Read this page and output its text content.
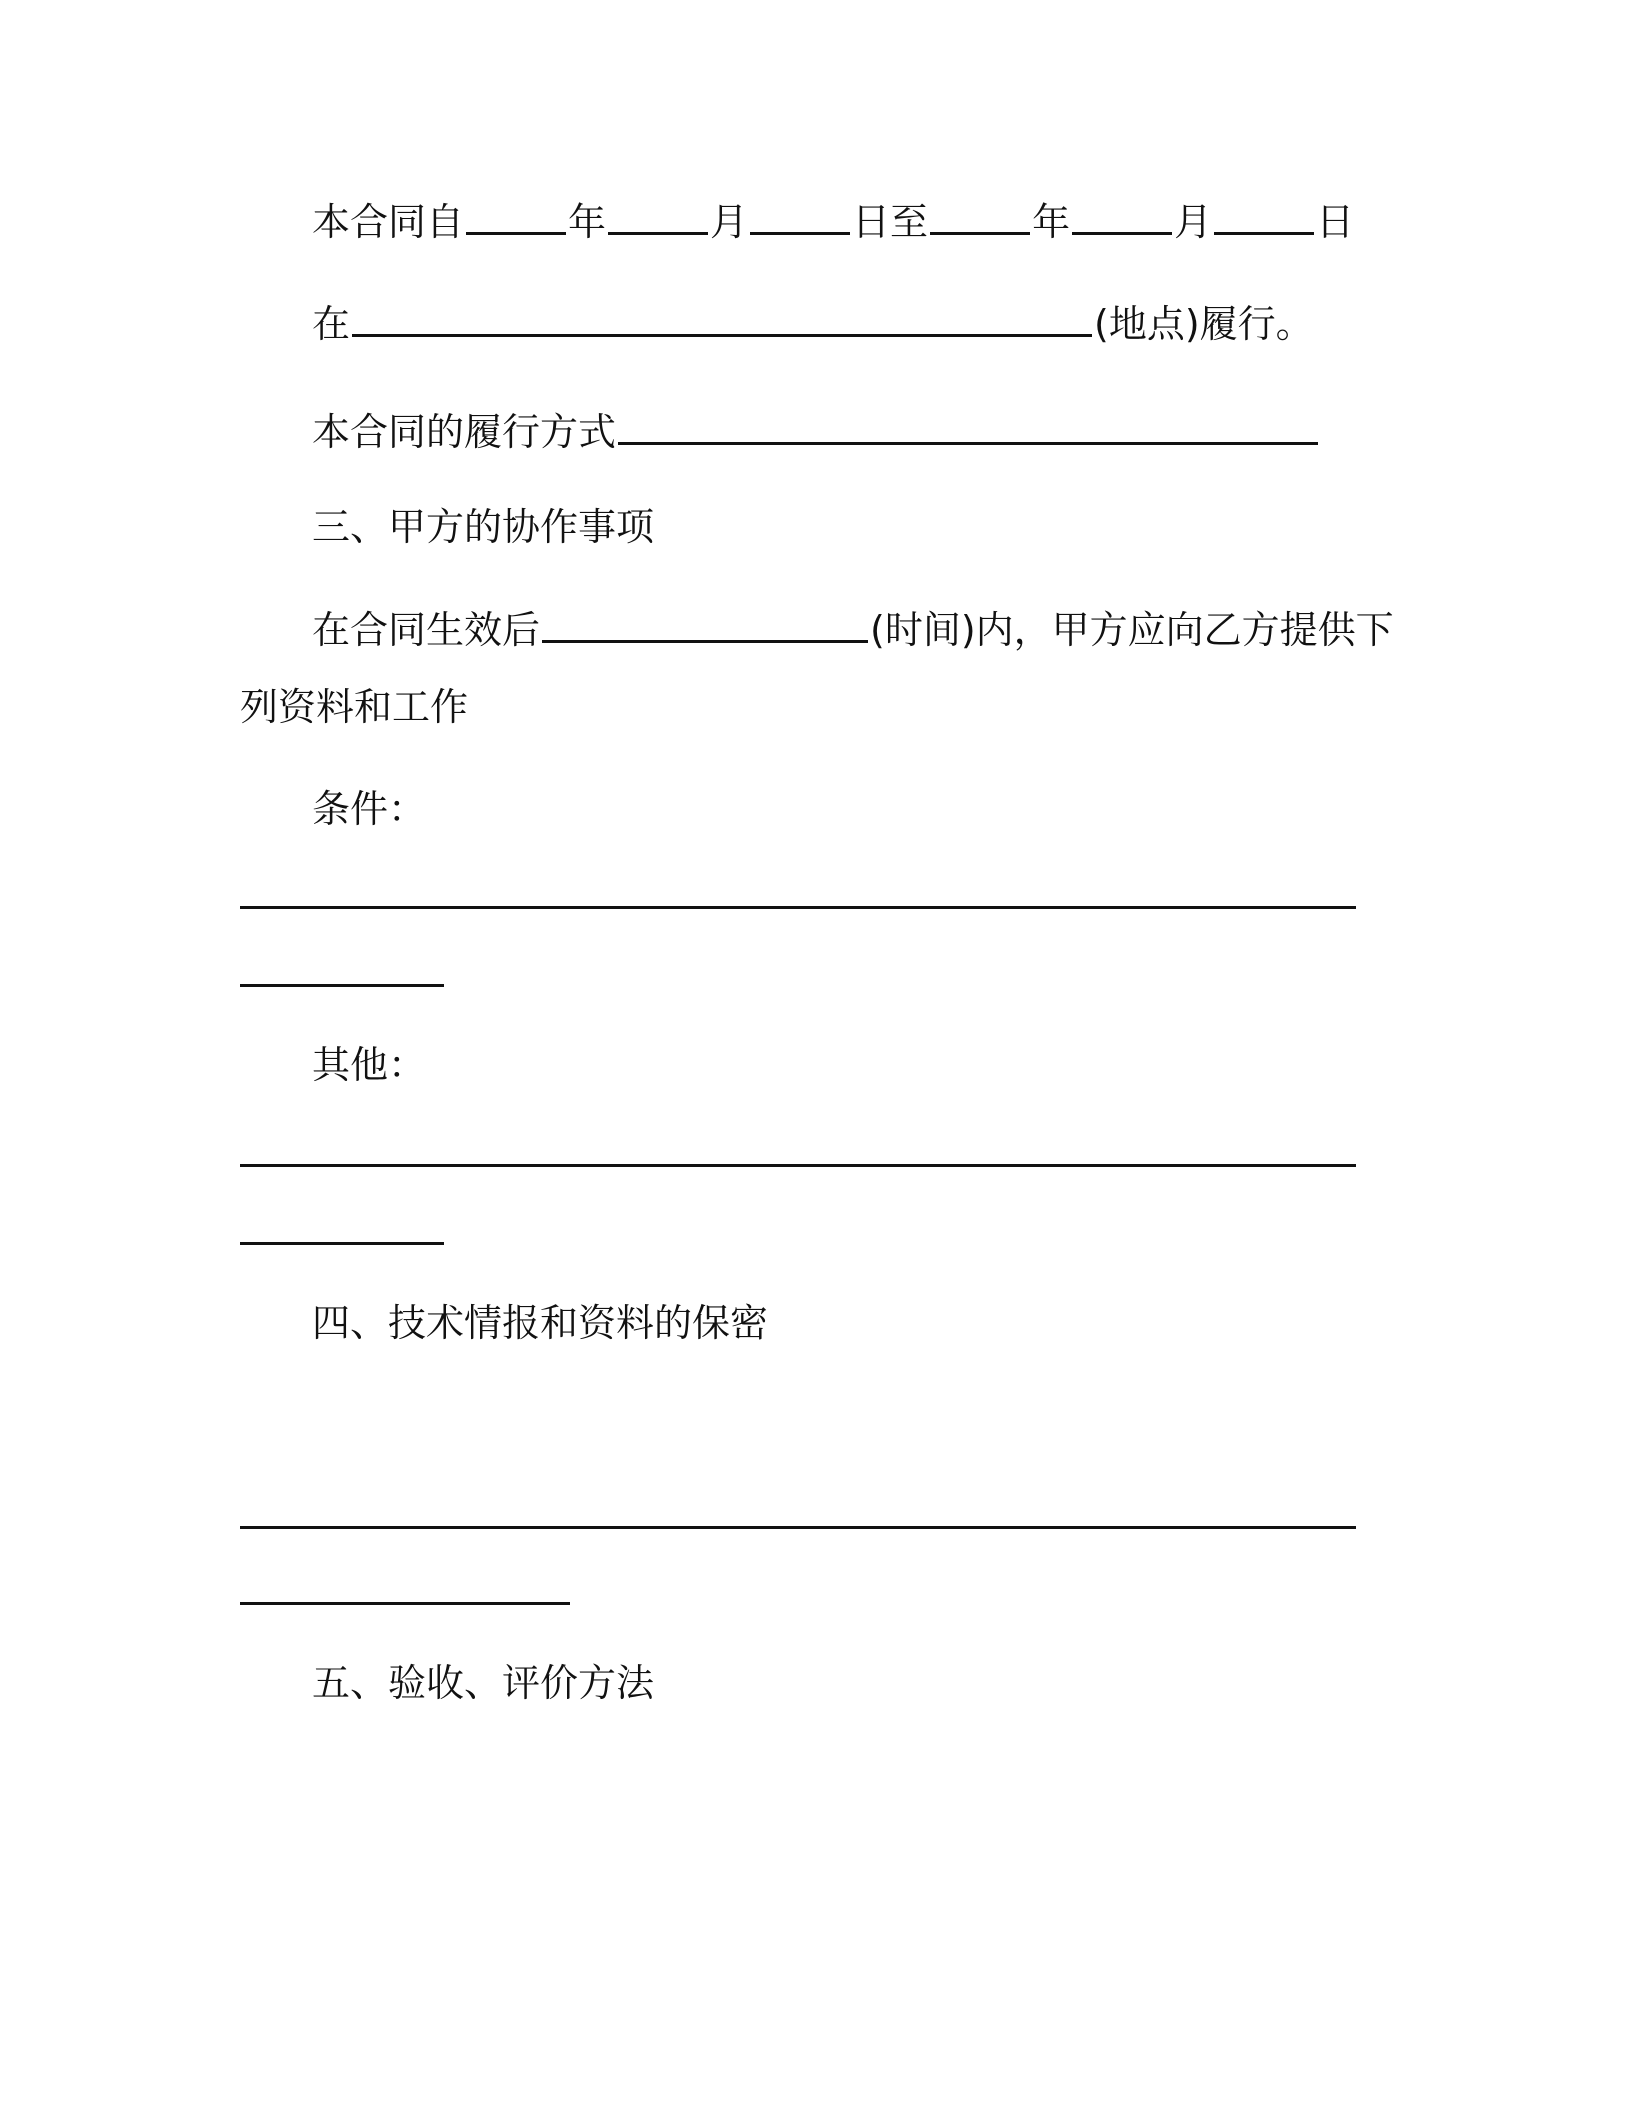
本合同自	年	月	日至	年	月	日
在	(地点)履行。
本合同的履行方式
三、甲方的协作事项
在合同生效后	(时间)内，甲方应向乙方提供下
列资料和工作
条件：
其他：
四、技术情报和资料的保密
五、验收、评价方法
